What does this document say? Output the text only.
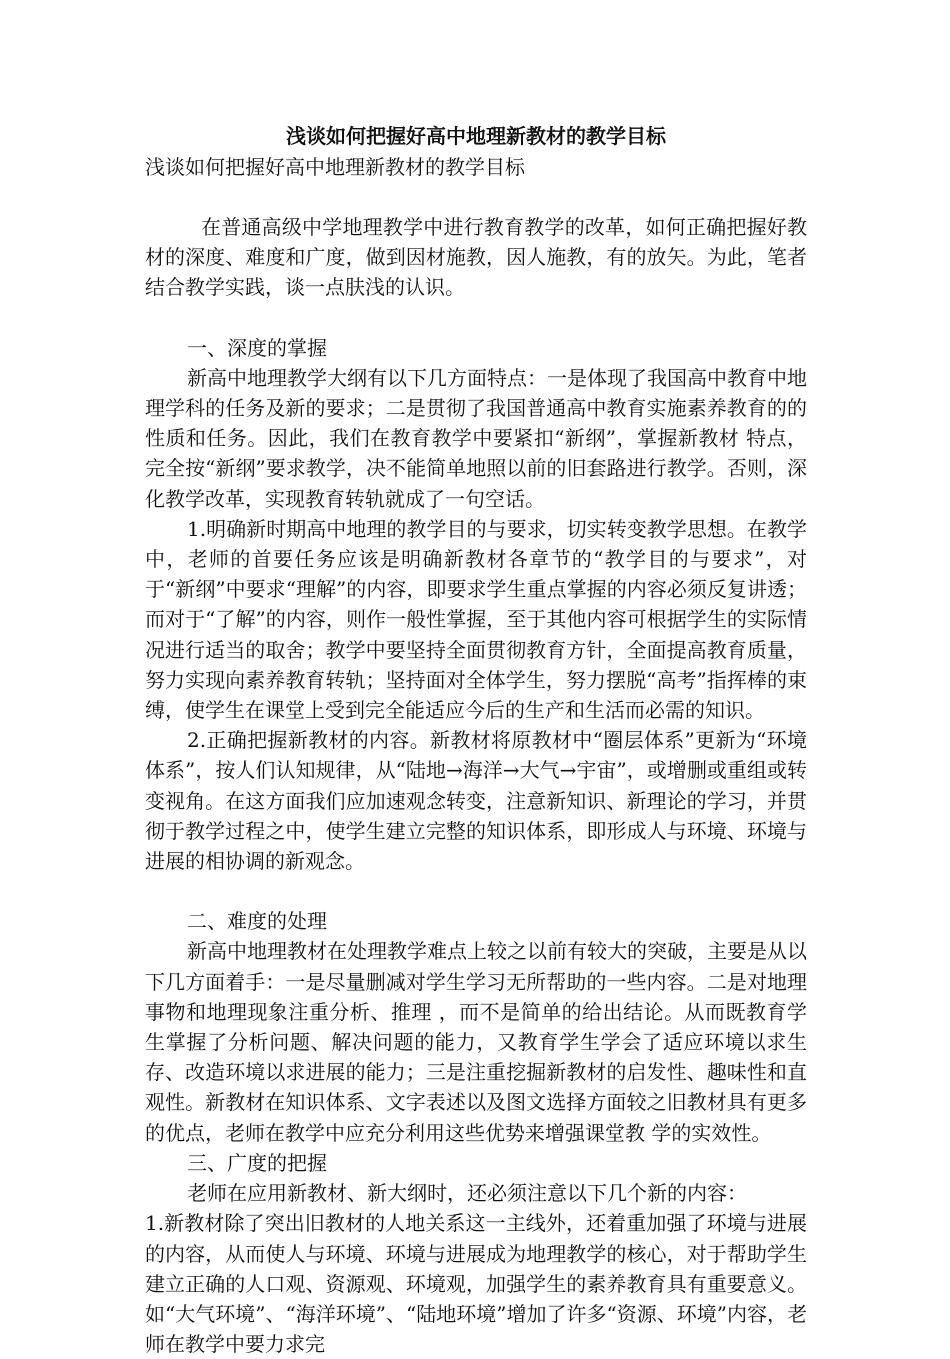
浅谈如何把握好高中地理新教材的教学目标
浅谈如何把握好高中地理新教材的教学目标

在普通高级中学地理教学中进行教育教学的改革，如何正确把握好教材的深度、难度和广度，做到因材施教，因人施教，有的放矢。为此，笔者结合教学实践，谈一点肤浅的认识。

一、深度的掌握

新高中地理教学大纲有以下几方面特点：一是体现了我国高中教育中地理学科的任务及新的要求；二是贯彻了我国普通高中教育实施素养教育的的性质和任务。因此，我们在教育教学中要紧扣“新纲”，掌握新教材 特点，完全按“新纲”要求教学，决不能简单地照以前的旧套路进行教学。否则，深化教学改革，实现教育转轨就成了一句空话。

1.明确新时期高中地理的教学目的与要求，切实转变教学思想。在教学中，老师的首要任务应该是明确新教材各章节的“教学目的与要求”，对于“新纲”中要求“理解”的内容，即要求学生重点掌握的内容必须反复讲透；而对于“了解”的内容，则作一般性掌握，至于其他内容可根据学生的实际情况进行适当的取舍；教学中要坚持全面贯彻教育方针，全面提高教育质量，努力实现向素养教育转轨；坚持面对全体学生，努力摆脱“高考”指挥棒的束缚，使学生在课堂上受到完全能适应今后的生产和生活而必需的知识。

2.正确把握新教材的内容。新教材将原教材中“圈层体系”更新为“环境体系”，按人们认知规律，从“陆地→海洋→大气→宇宙”，或增删或重组或转变视角。在这方面我们应加速观念转变，注意新知识、新理论的学习，并贯彻于教学过程之中，使学生建立完整的知识体系，即形成人与环境、环境与进展的相协调的新观念。

二、难度的处理

新高中地理教材在处理教学难点上较之以前有较大的突破，主要是从以下几方面着手：一是尽量删减对学生学习无所帮助的一些内容。二是对地理事物和地理现象注重分析、推理 ，而不是简单的给出结论。从而既教育学生掌握了分析问题、解决问题的能力，又教育学生学会了适应环境以求生存、改造环境以求进展的能力；三是注重挖掘新教材的启发性、趣味性和直观性。新教材在知识体系、文字表述以及图文选择方面较之旧教材具有更多的优点，老师在教学中应充分利用这些优势来增强课堂教 学的实效性。

三、广度的把握

老师在应用新教材、新大纲时，还必须注意以下几个新的内容：

1.新教材除了突出旧教材的人地关系这一主线外，还着重加强了环境与进展的内容，从而使人与环境、环境与进展成为地理教学的核心，对于帮助学生建立正确的人口观、资源观、环境观，加强学生的素养教育具有重要意义。如“大气环境”、“海洋环境”、“陆地环境”增加了许多“资源、环境”内容，老师在教学中要力求完
